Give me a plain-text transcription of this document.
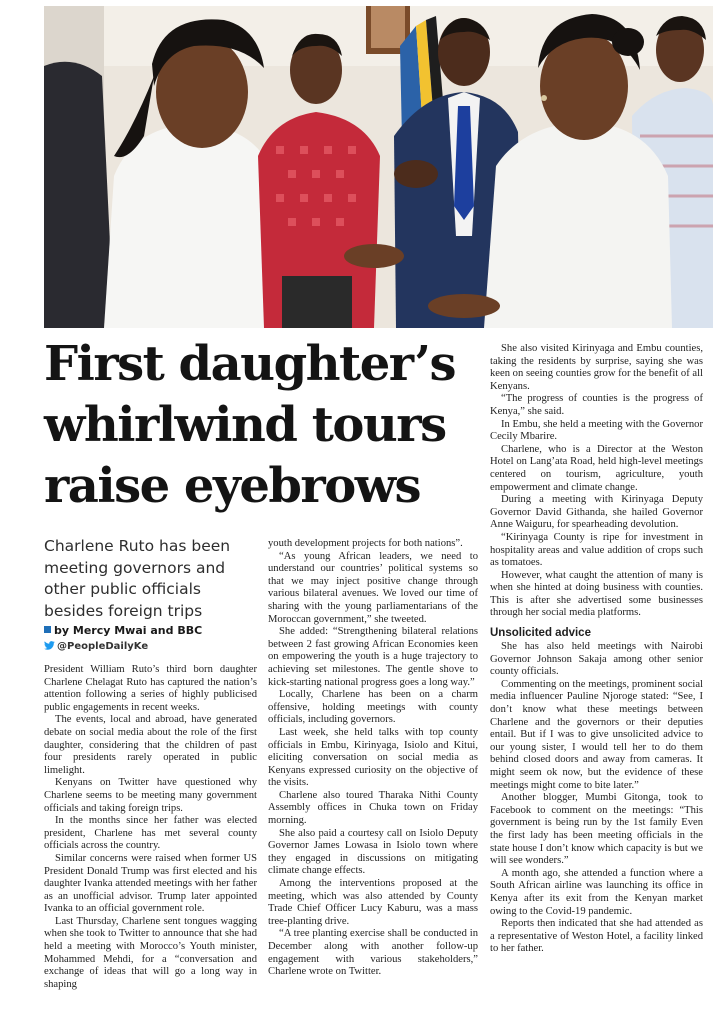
First daughter’s
whirlwind tours
raise eyebrows
Charlene Ruto has been
meeting governors and
other public officials
besides foreign trips
by Mercy Mwai and BBC
@PeopleDailyKe

President William Ruto’s third born daughter Charlene Chelagat Ruto has captured the nation’s attention following a series of highly publicised public engagements in recent weeks.

The events, local and abroad, have generated debate on social media about the role of the first daughter, considering that the children of past four presidents rarely operated in public limelight.

Kenyans on Twitter have questioned why Charlene seems to be meeting many government officials and taking foreign trips.

In the months since her father was elected president, Charlene has met several county officials across the country.

Similar concerns were raised when former US President Donald Trump was first elected and his daughter Ivanka attended meetings with her father as an unofficial advisor. Trump later appointed Ivanka to an official government role.

Last Thursday, Charlene sent tongues wagging when she took to Twitter to announce that she had held a meeting with Morocco’s Youth minister, Mohammed Mehdi, for a “conversation and exchange of ideas that will go a long way in shaping

youth development projects for both nations”.

“As young African leaders, we need to understand our countries’ political systems so that we may inject positive change through various bilateral avenues. We loved our time of sharing with the young parliamentarians of the Moroccan government,” she tweeted.

She added: “Strengthening bilateral relations between 2 fast growing African Economies keen on empowering the youth is a huge trajectory to achieving set milestones. The gentle shove to kick-starting national progress goes a long way.”

Locally, Charlene has been on a charm offensive, holding meetings with county officials, including governors.

Last week, she held talks with top county officials in Embu, Kirinyaga, Isiolo and Kitui, eliciting conversation on social media as Kenyans expressed curiosity on the objective of the visits.

Charlene also toured Tharaka Nithi County Assembly offices in Chuka town on Friday morning.

She also paid a courtesy call on Isiolo Deputy Governor James Lowasa in Isiolo town where they engaged in discussions on mitigating climate change effects.

Among the interventions proposed at the meeting, which was also attended by County Trade Chief Officer Lucy Kaburu, was a mass tree-planting drive.

“A tree planting exercise shall be conducted in December along with another follow-up engagement with various stakeholders,” Charlene wrote on Twitter.

She also visited Kirinyaga and Embu counties, taking the residents by surprise, saying she was keen on seeing counties grow for the benefit of all Kenyans.

“The progress of counties is the progress of Kenya,” she said.

In Embu, she held a meeting with the Governor Cecily Mbarire.

Charlene, who is a Director at the Weston Hotel on Lang’ata Road, held high-level meetings centered on tourism, agriculture, youth empowerment and climate change.

During a meeting with Kirinyaga Deputy Governor David Githanda, she hailed Governor Anne Waiguru, for spearheading devolution.

“Kirinyaga County is ripe for investment in hospitality areas and value addition of crops such as tomatoes.

However, what caught the attention of many is when she hinted at doing business with counties. This is after she advertised some businesses through her social media platforms.

Unsolicited advice

She has also held meetings with Nairobi Governor Johnson Sakaja among other senior county officials.

Commenting on the meetings, prominent social media influencer Pauline Njoroge stated: “See, I don’t know what these meetings between Charlene and the governors or their deputies entail. But if I was to give unsolicited advice to our young sister, I would tell her to do them behind closed doors and away from cameras. It might seem ok now, but the evidence of these meetings might come to bite later.”

Another blogger, Mumbi Gitonga, took to Facebook to comment on the meetings: “This government is being run by the 1st family Even the first lady has been meeting officials in the state house I don’t know which capacity is but we will see wonders.”

A month ago, she attended a function where a South African airline was launching its office in Kenya after its exit from the Kenyan market owing to the Covid-19 pandemic.

Reports then indicated that she had attended as a representative of Weston Hotel, a facility linked to her father.
